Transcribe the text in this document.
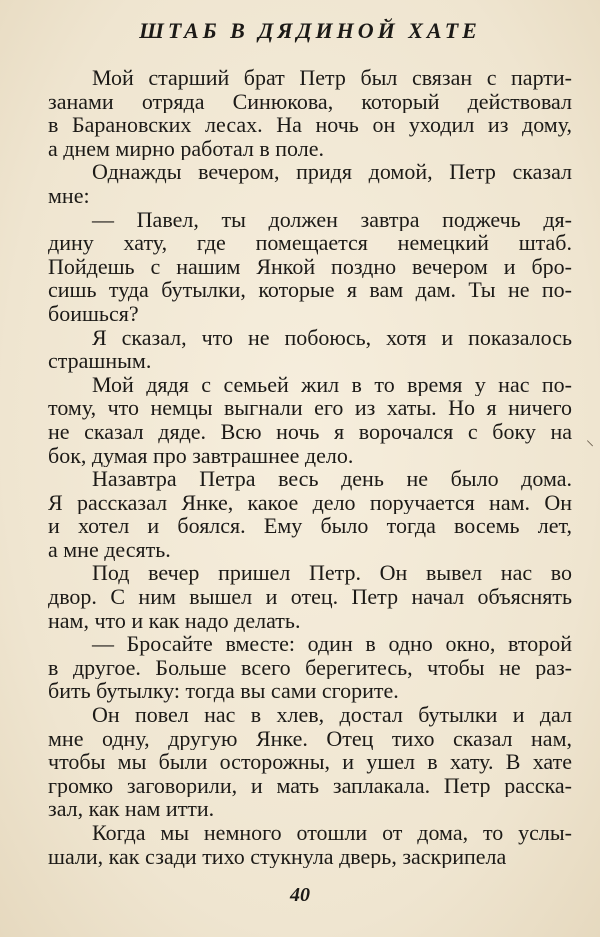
ШТАБ В ДЯДИНОЙ ХАТЕ
Мой старший брат Петр был связан с парти-
занами отряда Синюкова, который действовал
в Барановских лесах. На ночь он уходил из дому,
а днем мирно работал в поле.
Однажды вечером, придя домой, Петр сказал
мне:
— Павел, ты должен завтра поджечь дя-
дину хату, где помещается немецкий штаб.
Пойдешь с нашим Янкой поздно вечером и бро-
сишь туда бутылки, которые я вам дам. Ты не по-
боишься?
Я сказал, что не побоюсь, хотя и показалось
страшным.
Мой дядя с семьей жил в то время у нас по-
тому, что немцы выгнали его из хаты. Но я ничего
не сказал дяде. Всю ночь я ворочался с боку на
бок, думая про завтрашнее дело.
Назавтра Петра весь день не было дома.
Я рассказал Янке, какое дело поручается нам. Он
и хотел и боялся. Ему было тогда восемь лет,
а мне десять.
Под вечер пришел Петр. Он вывел нас во
двор. С ним вышел и отец. Петр начал объяснять
нам, что и как надо делать.
— Бросайте вместе: один в одно окно, второй
в другое. Больше всего берегитесь, чтобы не раз-
бить бутылку: тогда вы сами сгорите.
Он повел нас в хлев, достал бутылки и дал
мне одну, другую Янке. Отец тихо сказал нам,
чтобы мы были осторожны, и ушел в хату. В хате
громко заговорили, и мать заплакала. Петр расска-
зал, как нам итти.
Когда мы немного отошли от дома, то услы-
шали, как сзади тихо стукнула дверь, заскрипела
⸜
40
